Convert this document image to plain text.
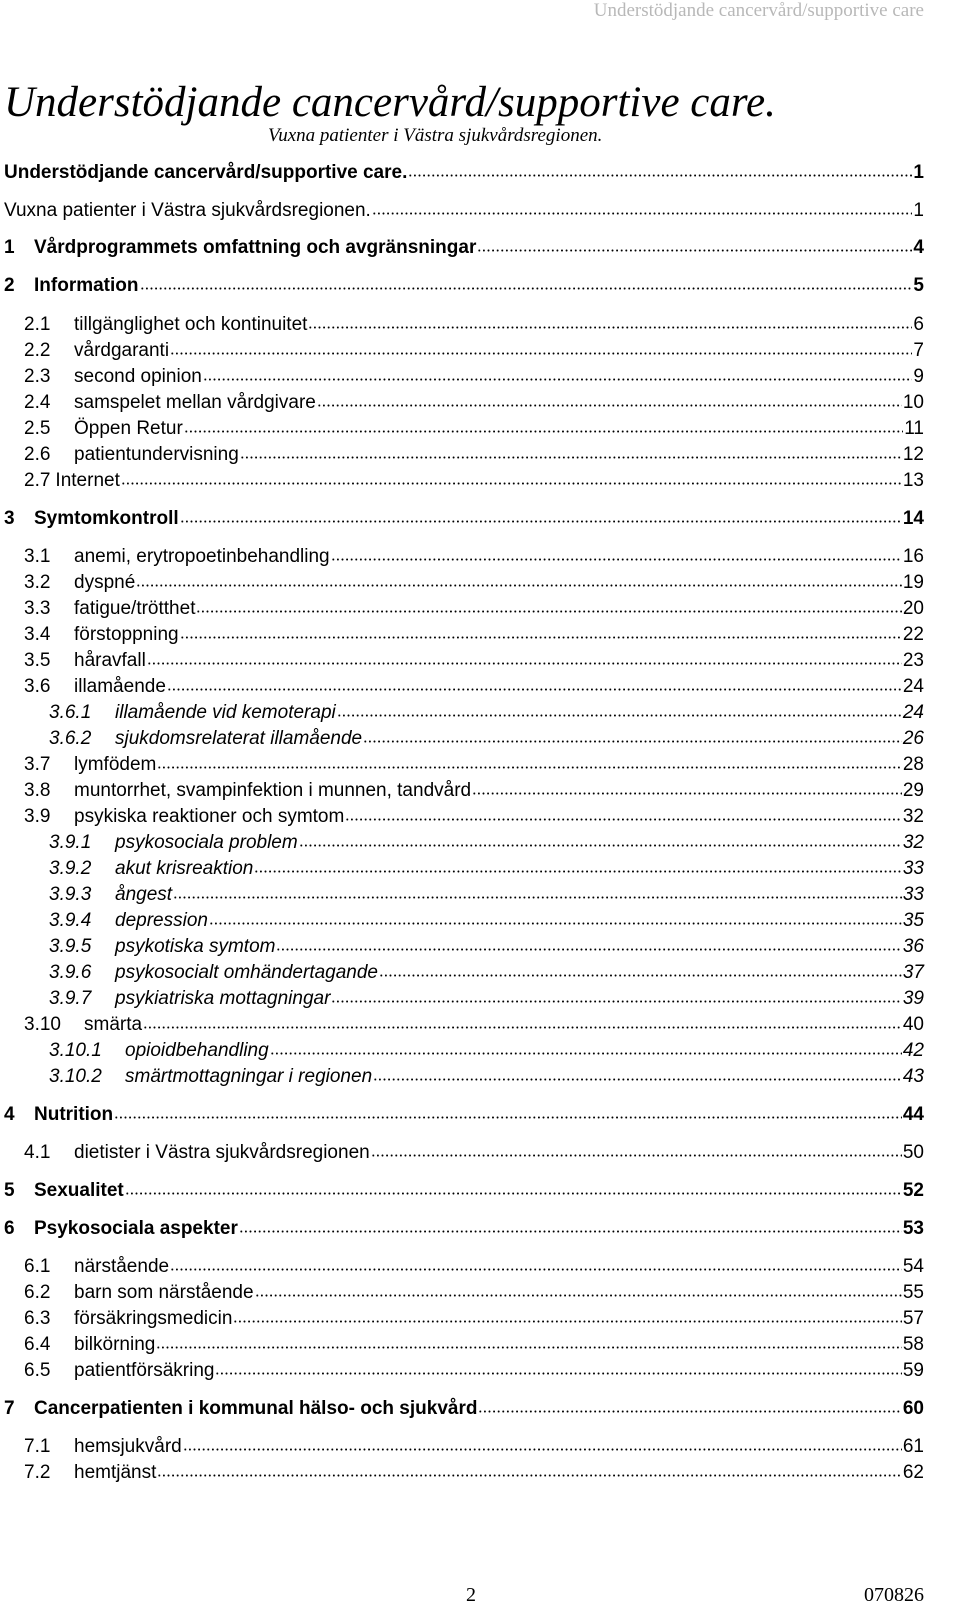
Understödjande cancervård/supportive care
Understödjande cancervård/supportive care.
Vuxna patienter i Västra sjukvårdsregionen.
Understödjande cancervård/supportive care.	1
Vuxna patienter i Västra sjukvårdsregionen.	1
1	Vårdprogrammets omfattning och avgränsningar	4
2	Information	5
2.1	tillgänglighet och kontinuitet	6
2.2	vårdgaranti	7
2.3	second opinion	9
2.4	samspelet mellan vårdgivare	10
2.5	Öppen Retur	11
2.6	patientundervisning	12
2.7 Internet	13
3	Symtomkontroll	14
3.1	anemi, erytropoetinbehandling	16
3.2	dyspné	19
3.3	fatigue/trötthet	20
3.4	förstoppning	22
3.5	håravfall	23
3.6	illamående	24
3.6.1	illamående vid kemoterapi	24
3.6.2	sjukdomsrelaterat illamående	26
3.7	lymfödem	28
3.8	muntorrhet, svampinfektion i munnen, tandvård	29
3.9	psykiska reaktioner och symtom	32
3.9.1	psykosociala problem	32
3.9.2	akut krisreaktion	33
3.9.3	ångest	33
3.9.4	depression	35
3.9.5	psykotiska symtom	36
3.9.6	psykosocialt omhändertagande	37
3.9.7	psykiatriska mottagningar	39
3.10	smärta	40
3.10.1	opioidbehandling	42
3.10.2	smärtmottagningar i regionen	43
4	Nutrition	44
4.1	dietister i Västra sjukvårdsregionen	50
5	Sexualitet	52
6	Psykosociala aspekter	53
6.1	närstående	54
6.2	barn som närstående	55
6.3	försäkringsmedicin	57
6.4	bilkörning	58
6.5	patientförsäkring	59
7	Cancerpatienten i kommunal hälso- och sjukvård	60
7.1	hemsjukvård	61
7.2	hemtjänst	62
2	070826
